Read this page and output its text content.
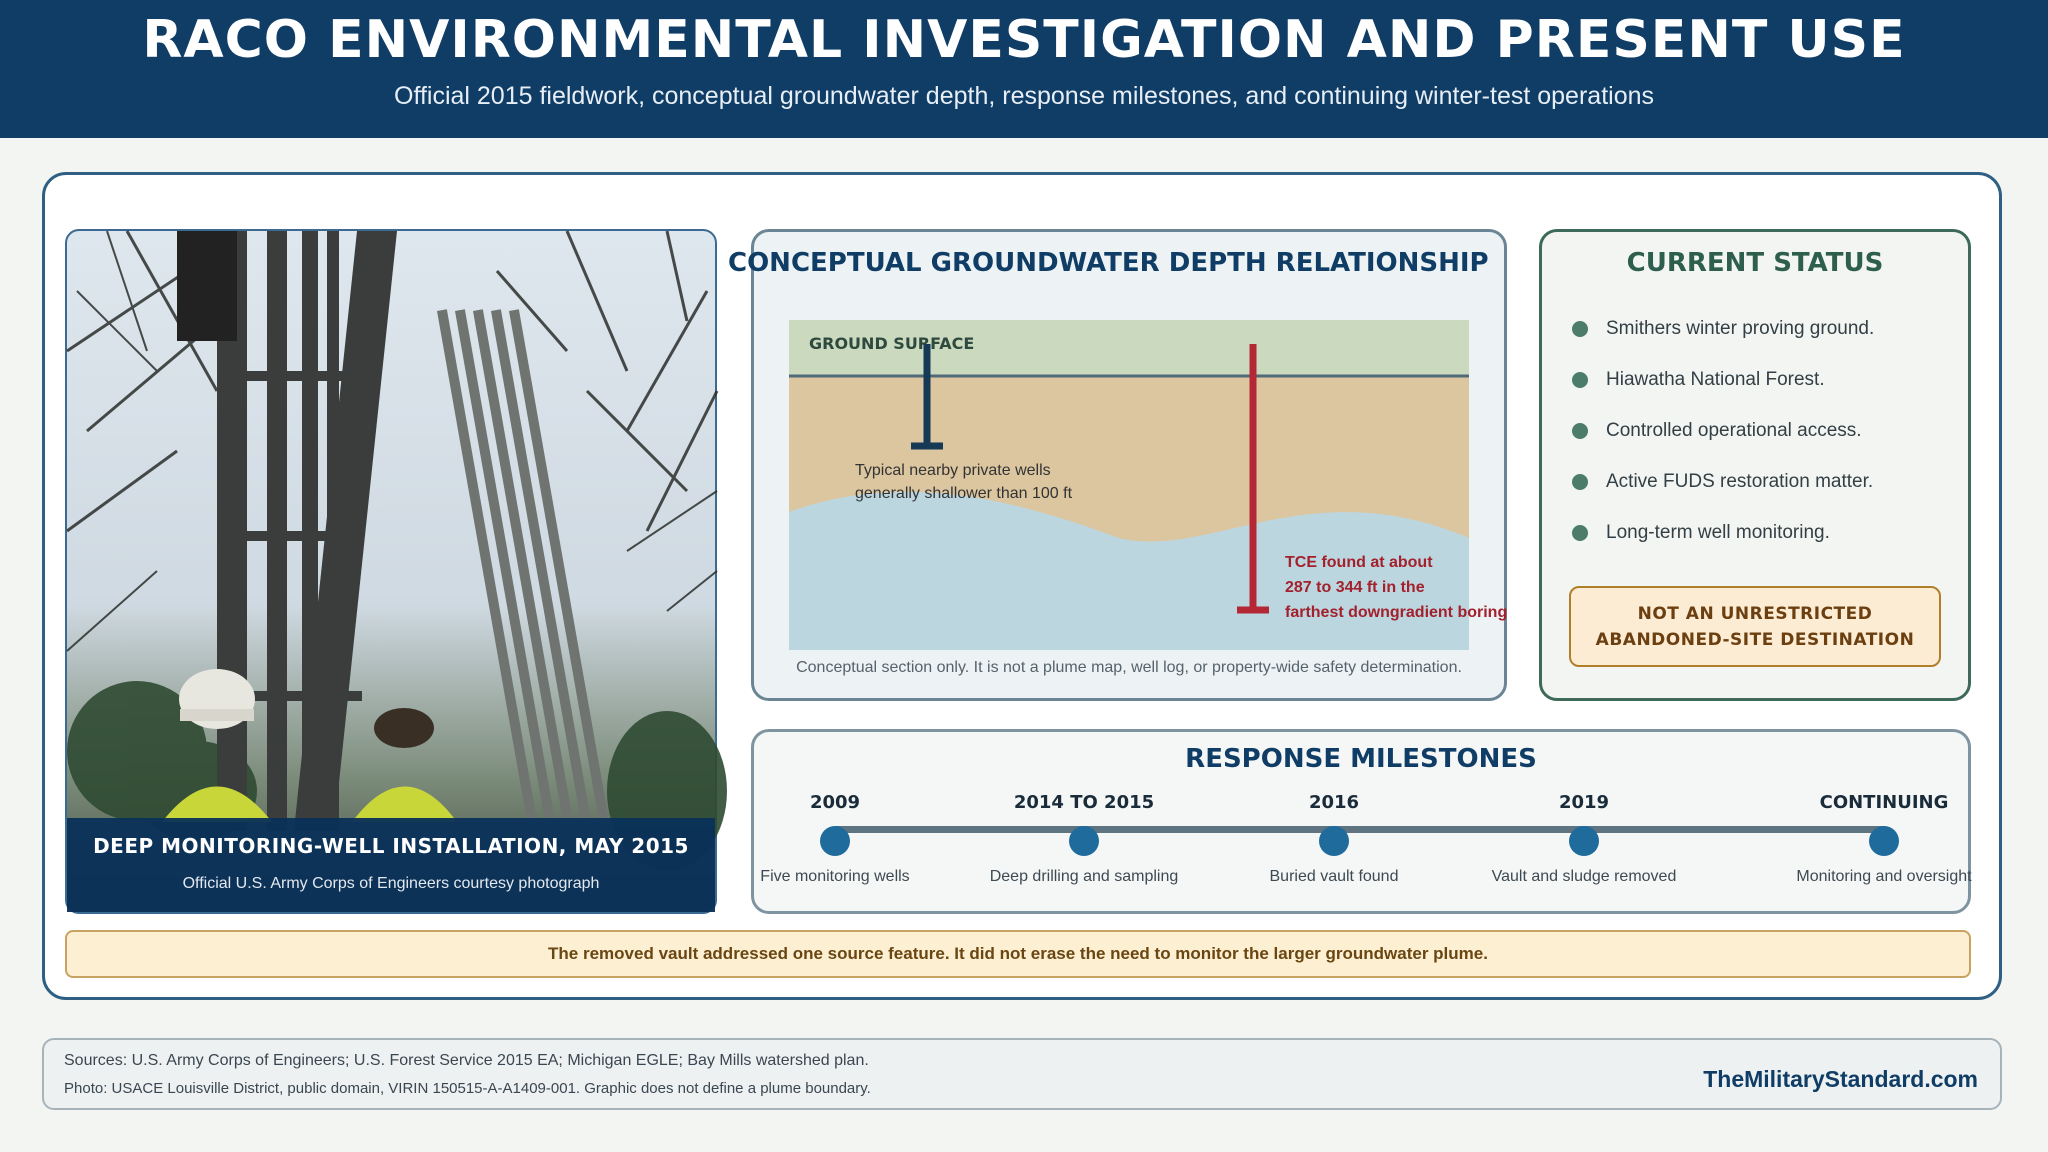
RACO ENVIRONMENTAL INVESTIGATION AND PRESENT USE
Official 2015 fieldwork, conceptual groundwater depth, response milestones, and continuing winter-test operations
DEEP MONITORING-WELL INSTALLATION, MAY 2015
Official U.S. Army Corps of Engineers courtesy photograph
CONCEPTUAL GROUNDWATER DEPTH RELATIONSHIP
GROUND SURFACE
Typical nearby private wells
generally shallower than 100 ft
TCE found at about
287 to 344 ft in the
farthest downgradient boring
Conceptual section only. It is not a plume map, well log, or property-wide safety determination.
CURRENT STATUS
Smithers winter proving ground.
Hiawatha National Forest.
Controlled operational access.
Active FUDS restoration matter.
Long-term well monitoring.
NOT AN UNRESTRICTED
ABANDONED-SITE DESTINATION
RESPONSE MILESTONES
2009
Five monitoring wells
2014 TO 2015
Deep drilling and sampling
2016
Buried vault found
2019
Vault and sludge removed
CONTINUING
Monitoring and oversight
The removed vault addressed one source feature. It did not erase the need to monitor the larger groundwater plume.
Sources: U.S. Army Corps of Engineers; U.S. Forest Service 2015 EA; Michigan EGLE; Bay Mills watershed plan.
Photo: USACE Louisville District, public domain, VIRIN 150515-A-A1409-001. Graphic does not define a plume boundary.	TheMilitaryStandard.com
